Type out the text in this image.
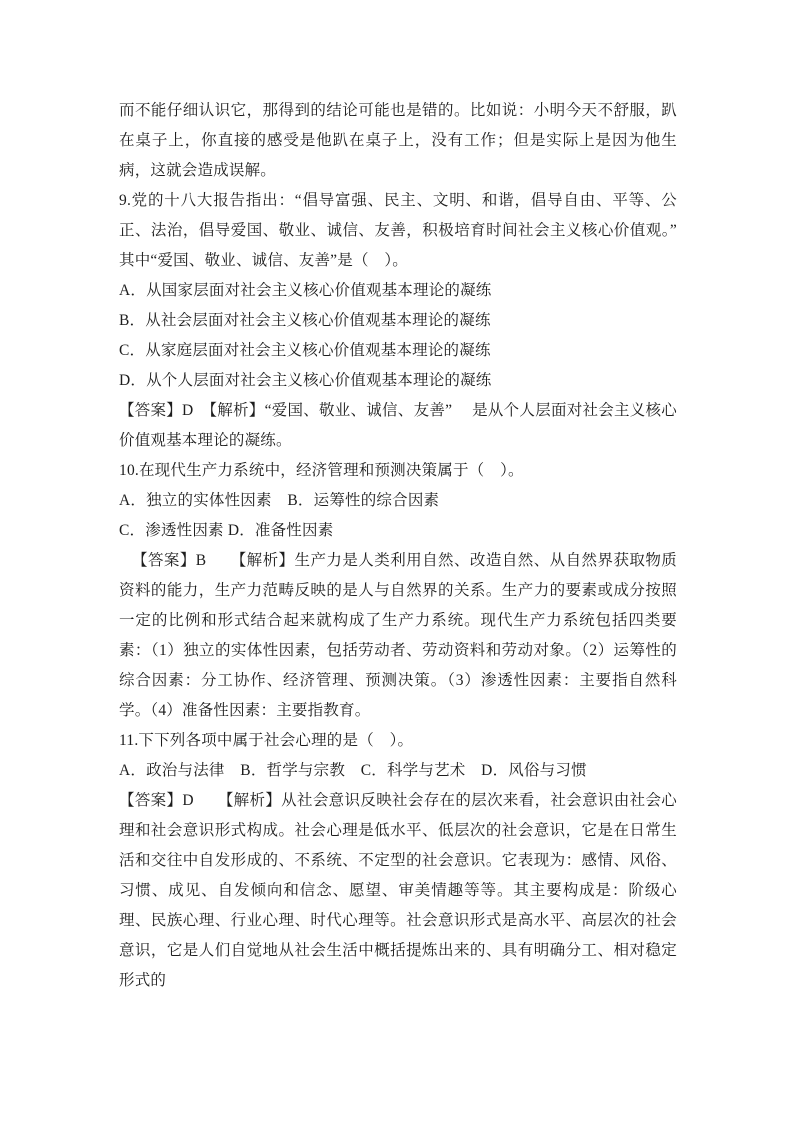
而不能仔细认识它，那得到的结论可能也是错的。比如说：小明今天不舒服，趴在桌子上，你直接的感受是他趴在桌子上，没有工作；但是实际上是因为他生病，这就会造成误解。

9.党的十八大报告指出：“倡导富强、民主、文明、和谐，倡导自由、平等、公正、法治，倡导爱国、敬业、诚信、友善，积极培育时间社会主义核心价值观。”其中“爱国、敬业、诚信、友善”是（　）。

A．从国家层面对社会主义核心价值观基本理论的凝练

B．从社会层面对社会主义核心价值观基本理论的凝练

C．从家庭层面对社会主义核心价值观基本理论的凝练

D．从个人层面对社会主义核心价值观基本理论的凝练

【答案】D　【解析】“爱国、敬业、诚信、友善”　 是从个人层面对社会主义核心价值观基本理论的凝练。

10.在现代生产力系统中，经济管理和预测决策属于（　）。

A．独立的实体性因素　B．运筹性的综合因素

C．渗透性因素 D．准备性因素

【答案】B　　【解析】生产力是人类利用自然、改造自然、从自然界获取物质资料的能力，生产力范畴反映的是人与自然界的关系。生产力的要素或成分按照一定的比例和形式结合起来就构成了生产力系统。现代生产力系统包括四类要素：（1）独立的实体性因素，包括劳动者、劳动资料和劳动对象。（2）运筹性的综合因素：分工协作、经济管理、预测决策。（3）渗透性因素：主要指自然科学。（4）准备性因素：主要指教育。

11.下下列各项中属于社会心理的是（　）。

A．政治与法律　B．哲学与宗教　C．科学与艺术　D．风俗与习惯

【答案】D　　【解析】从社会意识反映社会存在的层次来看，社会意识由社会心理和社会意识形式构成。社会心理是低水平、低层次的社会意识，它是在日常生活和交往中自发形成的、不系统、不定型的社会意识。它表现为：感情、风俗、习惯、成见、自发倾向和信念、愿望、审美情趣等等。其主要构成是：阶级心理、民族心理、行业心理、时代心理等。社会意识形式是高水平、高层次的社会意识，它是人们自觉地从社会生活中概括提炼出来的、具有明确分工、相对稳定形式的
